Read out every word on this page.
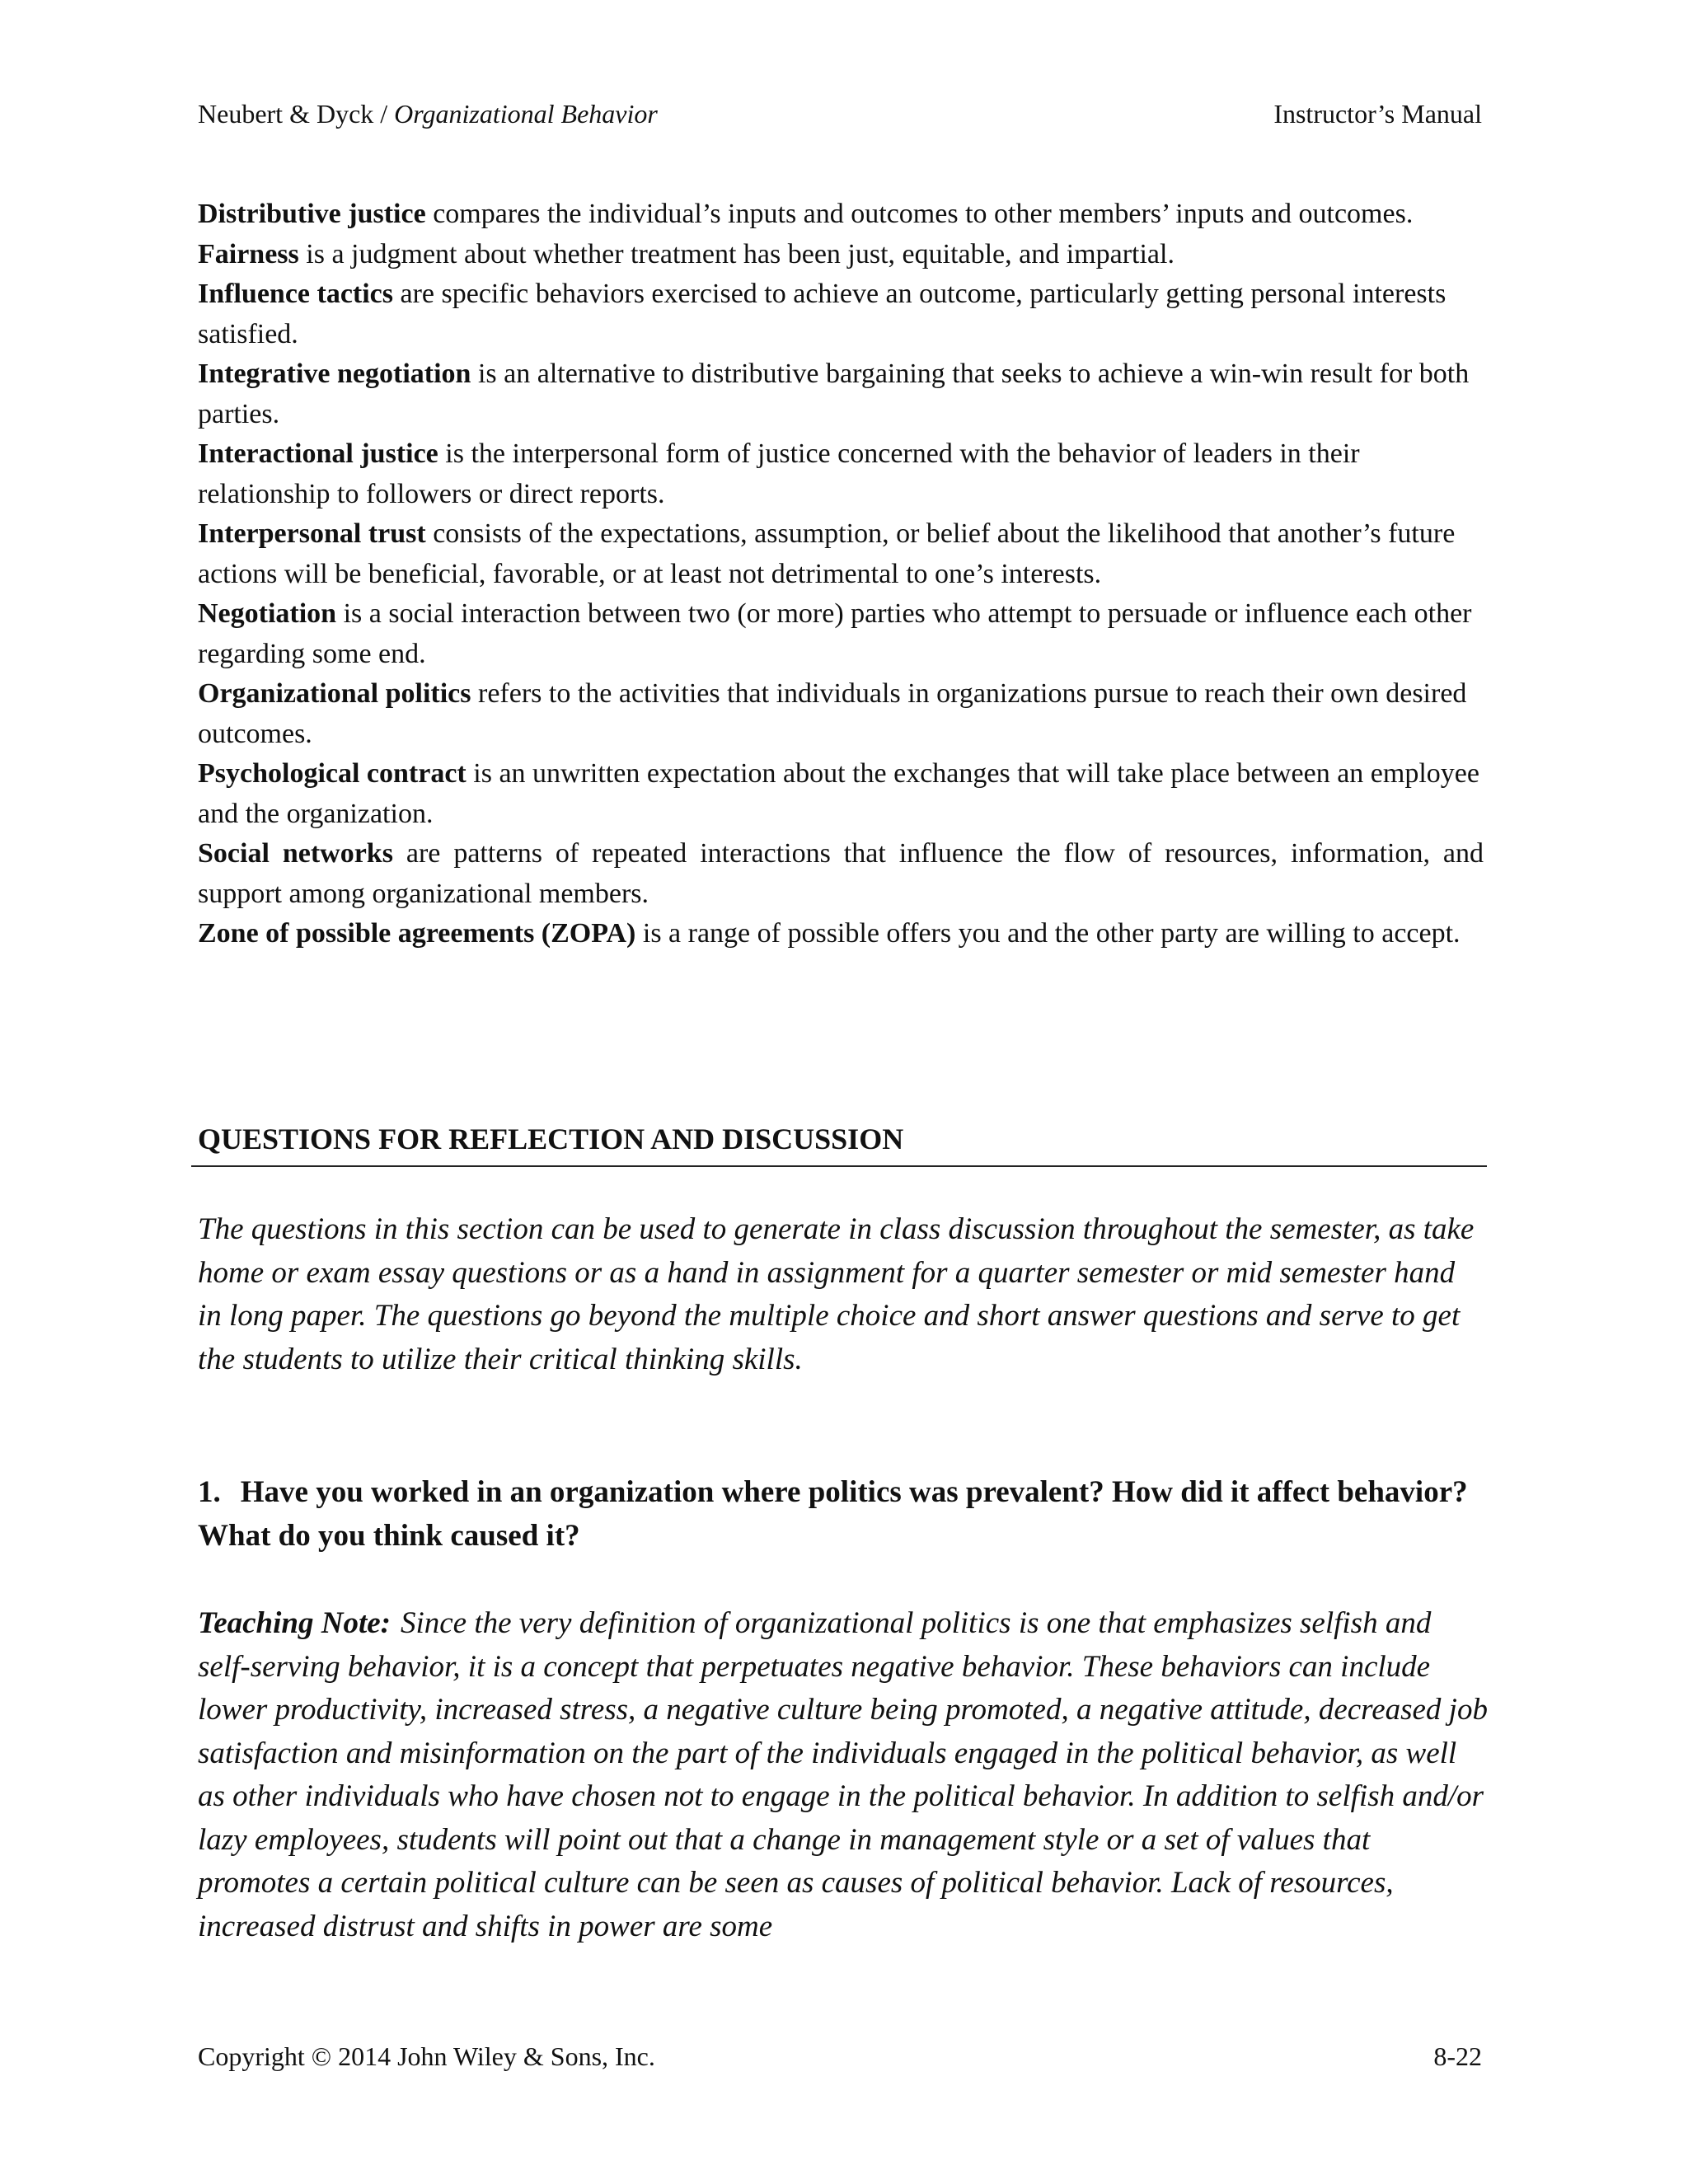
Neubert & Dyck / Organizational Behavior	Instructor’s Manual

Distributive justice compares the individual’s inputs and outcomes to other members’ inputs and outcomes.

Fairness is a judgment about whether treatment has been just, equitable, and impartial.

Influence tactics are specific behaviors exercised to achieve an outcome, particularly getting personal interests satisfied.

Integrative negotiation is an alternative to distributive bargaining that seeks to achieve a win-win result for both parties.

Interactional justice is the interpersonal form of justice concerned with the behavior of leaders in their relationship to followers or direct reports.

Interpersonal trust consists of the expectations, assumption, or belief about the likelihood that another’s future actions will be beneficial, favorable, or at least not detrimental to one’s interests.

Negotiation is a social interaction between two (or more) parties who attempt to persuade or influence each other regarding some end.

Organizational politics refers to the activities that individuals in organizations pursue to reach their own desired outcomes.

Psychological contract is an unwritten expectation about the exchanges that will take place between an employee and the organization.

Social networks are patterns of repeated interactions that influence the flow of resources, information, and support among organizational members.

Zone of possible agreements (ZOPA) is a range of possible offers you and the other party are willing to accept.

QUESTIONS FOR REFLECTION AND DISCUSSION

The questions in this section can be used to generate in class discussion throughout the semester, as take home or exam essay questions or as a hand in assignment for a quarter semester or mid semester hand in long paper. The questions go beyond the multiple choice and short answer questions and serve to get the students to utilize their critical thinking skills.

1. Have you worked in an organization where politics was prevalent? How did it affect behavior? What do you think caused it?

Teaching Note: Since the very definition of organizational politics is one that emphasizes selfish and self-serving behavior, it is a concept that perpetuates negative behavior. These behaviors can include lower productivity, increased stress, a negative culture being promoted, a negative attitude, decreased job satisfaction and misinformation on the part of the individuals engaged in the political behavior, as well as other individuals who have chosen not to engage in the political behavior. In addition to selfish and/or lazy employees, students will point out that a change in management style or a set of values that promotes a certain political culture can be seen as causes of political behavior. Lack of resources, increased distrust and shifts in power are some

Copyright © 2014 John Wiley & Sons, Inc.	8-22
